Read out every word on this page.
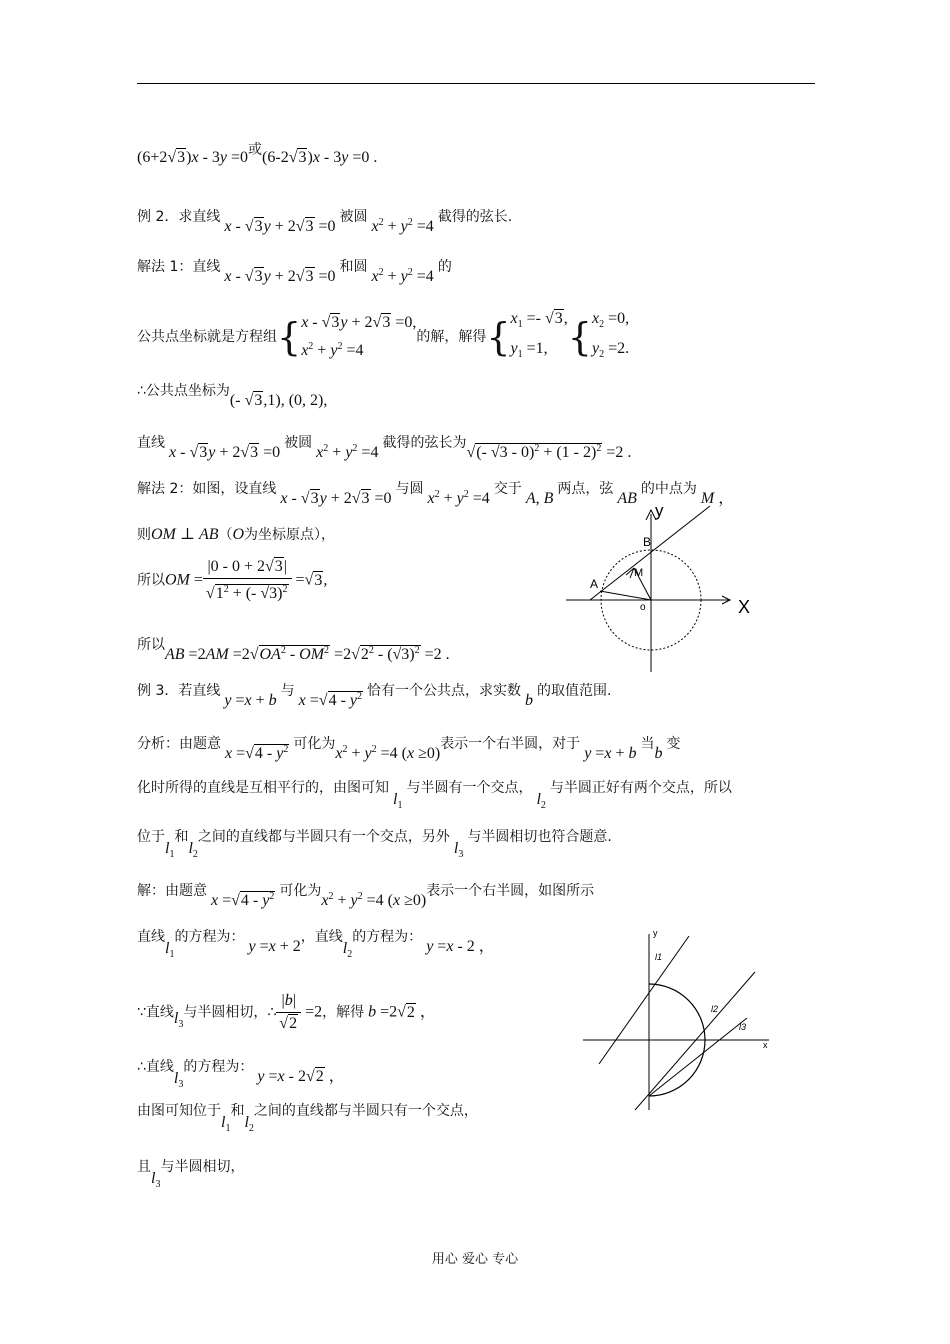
(6+2√3)x - 3y =0或(6-2√3)x - 3y =0 .
例 2．求直线 x - √3y + 2√3 =0 被圆 $x^2 + y^2 =4$ 截得的弦长.
解法 1：直线 x - √3y + 2√3 =0 和圆 $x^2 + y^2 =4$ 的
公共点坐标就是方程组{ x - √3y + 2√3 =0,
$x^2 + y^2 =4$
的解，解得{ $x_1 =- √3$,
$y_1 =1$, { $x_2 =0$,
$y_2 =2$.
∴公共点坐标为(- √3,1), (0, 2),
直线 x - √3y + 2√3 =0 被圆 $x^2 + y^2 =4$ 截得的弦长为√(- √3 - 0)$^2$ + (1 - 2)$^2$ =2 .
解法 2：如图，设直线 x - √3y + 2√3 =0 与圆 $x^2 + y^2 =4$ 交于 A, B 两点，弦 AB 的中点为 M ，
则OM ⊥ AB（O为坐标原点），
所以OM = $\frac{|0 - 0 + 2√3|}{√1^2 + (- √3)^2} =√3$,
所以AB $=2AM =2√OA^2 - OM^2 =2√2^2 - (√3)^2 =2$ .
y
X
B
A
M
o
例 3．若直线 y =x + b 与 $x =√4 - y^2$ 恰有一个公共点，求实数 b 的取值范围.
分析：由题意 $x =√4 - y^2$ 可化为$x^2 + y^2 =4$ (x ≥0)表示一个右半圆，对于 y =x + b 当b 变
化时所得的直线是互相平行的，由图可知 $l_1$ 与半圆有一个交点， $l_2$ 与半圆正好有两个交点，所以
位于$l_1$和$l_2$之间的直线都与半圆只有一个交点，另外 $l_3$ 与半圆相切也符合题意.
解：由题意 $x =√4 - y^2$ 可化为$x^2 + y^2 =4$ (x ≥0)表示一个右半圆，如图所示
直线$l_1$的方程为： y =x + 2，直线$l_2$的方程为： y =x - 2 ，
∵直线$l_3$与半圆相切，∴ $\frac{|b|}{√2} =2$，解得 b =2√2 ，
∴直线$l_3$的方程为： y =x - 2√2 ，
由图可知位于$l_1$和$l_2$之间的直线都与半圆只有一个交点，
且$l_3$与半圆相切，
y
x
l1
l2
l3
用心 爱心 专心
